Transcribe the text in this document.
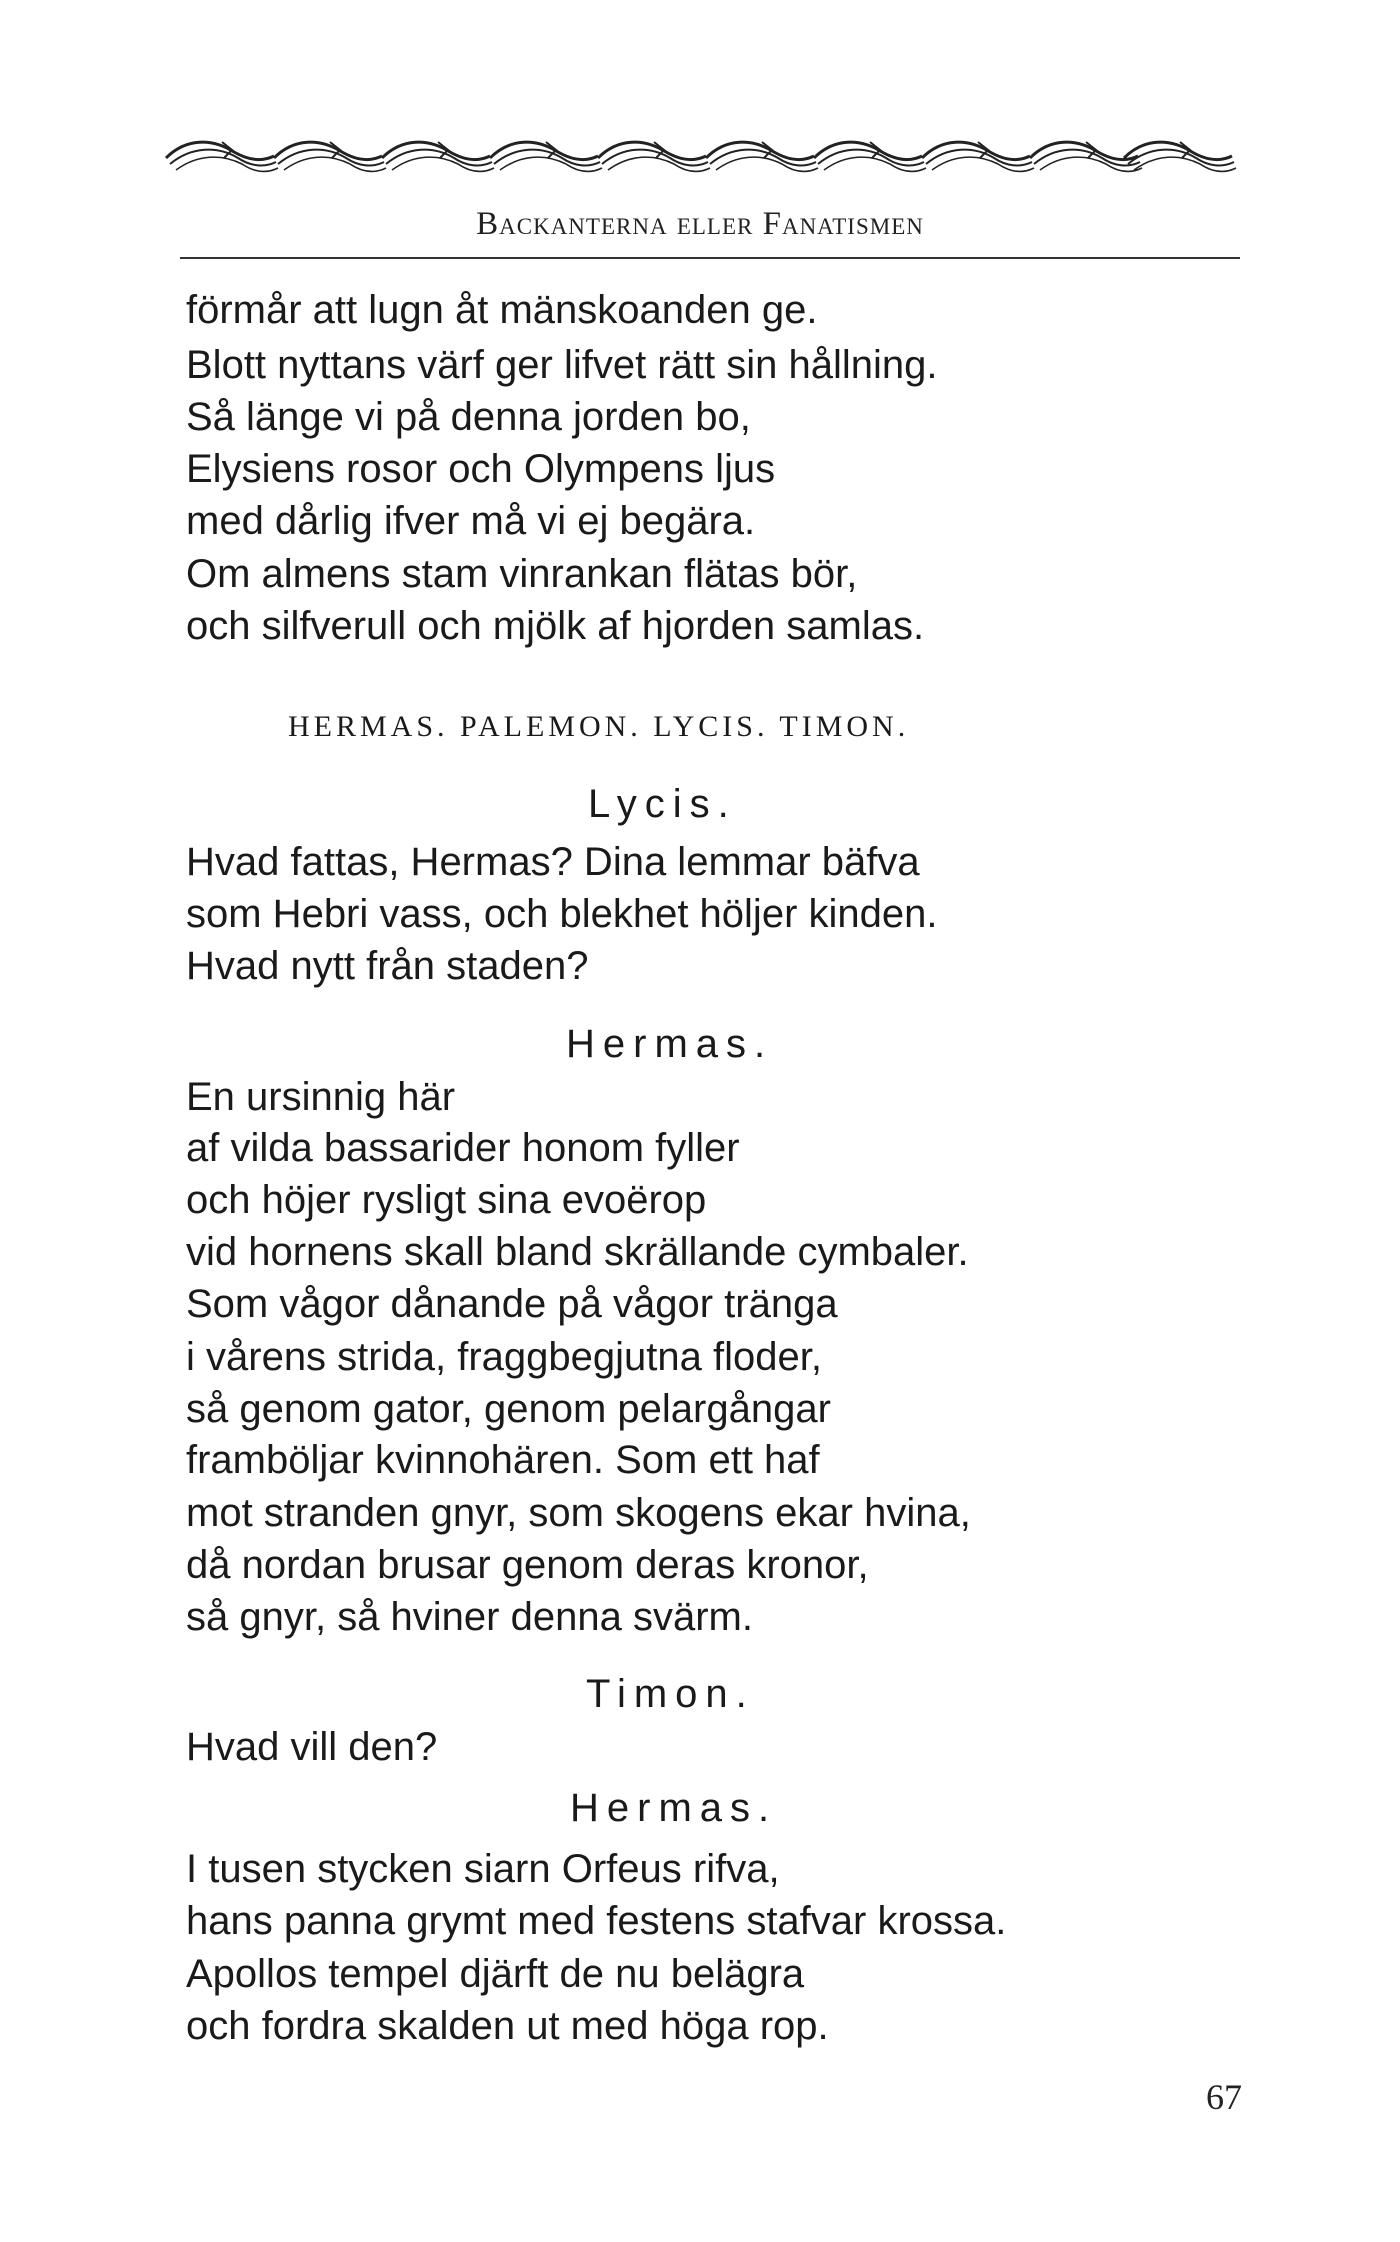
Backanterna eller Fanatismen
förmår att lugn åt mänskoanden ge.
Blott nyttans värf ger lifvet rätt sin hållning.
Så länge vi på denna jorden bo,
Elysiens rosor och Olympens ljus
med dårlig ifver må vi ej begära.
Om almens stam vinrankan flätas bör,
och silfverull och mjölk af hjorden samlas.
HERMAS. PALEMON. LYCIS. TIMON.
Lycis.
Hvad fattas, Hermas? Dina lemmar bäfva
som Hebri vass, och blekhet höljer kinden.
Hvad nytt från staden?
Hermas.
En ursinnig här
af vilda bassarider honom fyller
och höjer rysligt sina evoërop
vid hornens skall bland skrällande cymbaler.
Som vågor dånande på vågor tränga
i vårens strida, fraggbegjutna floder,
så genom gator, genom pelargångar
framböljar kvinnohären. Som ett haf
mot stranden gnyr, som skogens ekar hvina,
då nordan brusar genom deras kronor,
så gnyr, så hviner denna svärm.
Timon.
Hvad vill den?
Hermas.
I tusen stycken siarn Orfeus rifva,
hans panna grymt med festens stafvar krossa.
Apollos tempel djärft de nu belägra
och fordra skalden ut med höga rop.
67
